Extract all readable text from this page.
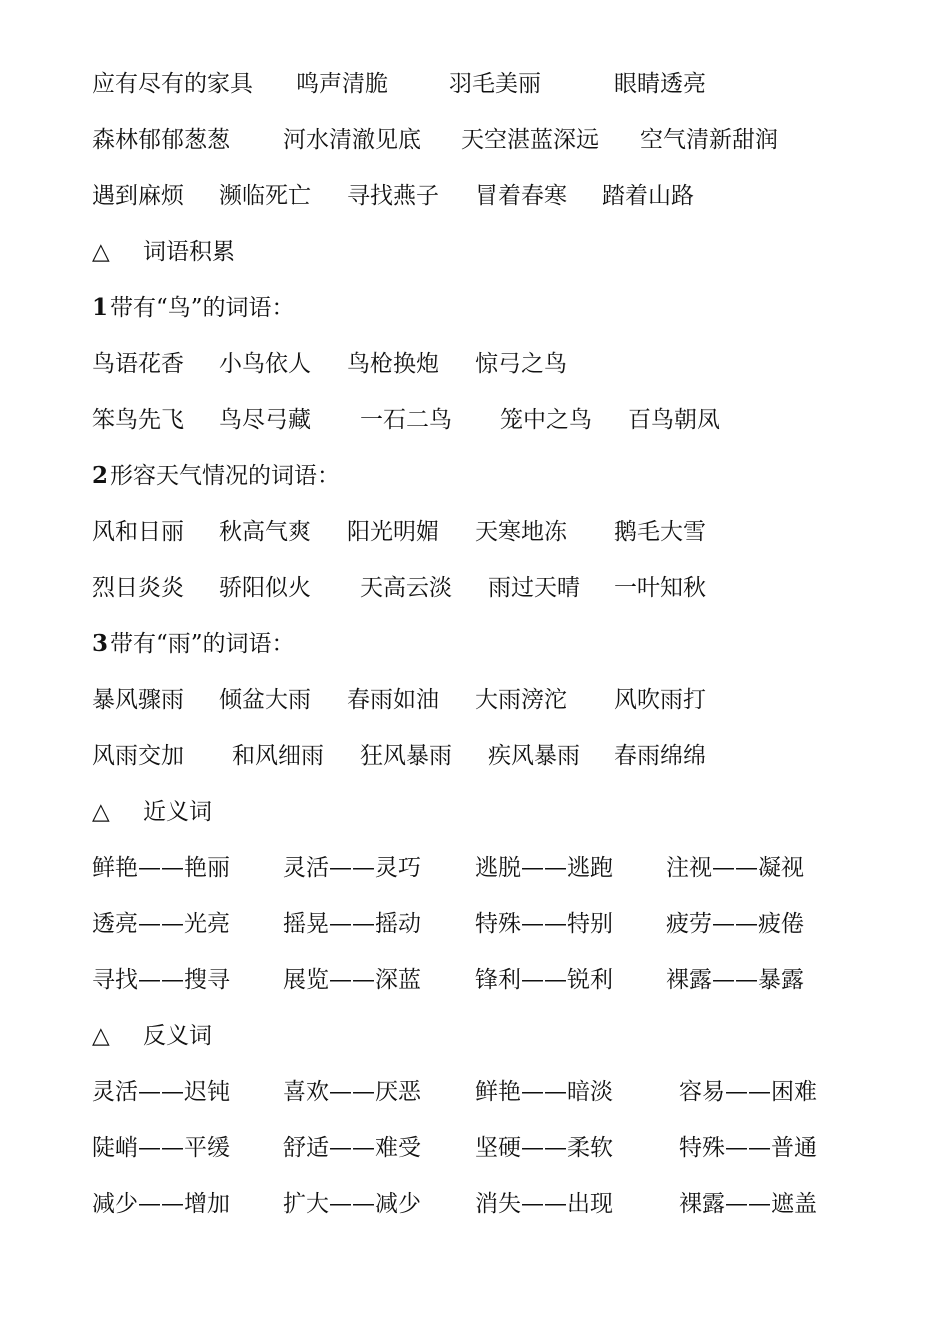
应有尽有的家具 鸣声清脆	羽毛美丽	眼睛透亮
森林郁郁葱葱 河水清澈见底 天空湛蓝深远 空气清新甜润
遇到麻烦 濒临死亡 寻找燕子 冒着春寒 踏着山路
△ 词语积累
1 带有“鸟”的词语：
鸟语花香 小鸟依人 鸟枪换炮 惊弓之鸟
笨鸟先飞 鸟尽弓藏 一石二鸟 笼中之鸟 百鸟朝凤
2 形容天气情况的词语：
风和日丽 秋高气爽 阳光明媚 天寒地冻 鹅毛大雪
烈日炎炎 骄阳似火 天高云淡 雨过天晴 一叶知秋
3 带有“雨”的词语：
暴风骤雨 倾盆大雨 春雨如油 大雨滂沱 风吹雨打
风雨交加 和风细雨 狂风暴雨 疾风暴雨 春雨绵绵
△ 近义词
鲜艳——艳丽 灵活——灵巧 逃脱——逃跑 注视——凝视
透亮——光亮 摇晃——摇动 特殊——特别 疲劳——疲倦
寻找——搜寻 展览——深蓝 锋利——锐利 裸露——暴露
△ 反义词
灵活——迟钝 喜欢——厌恶 鲜艳——暗淡	容易——困难
陡峭——平缓 舒适——难受 坚硬——柔软	特殊——普通
减少——增加 扩大——减少 消失——出现	裸露——遮盖
